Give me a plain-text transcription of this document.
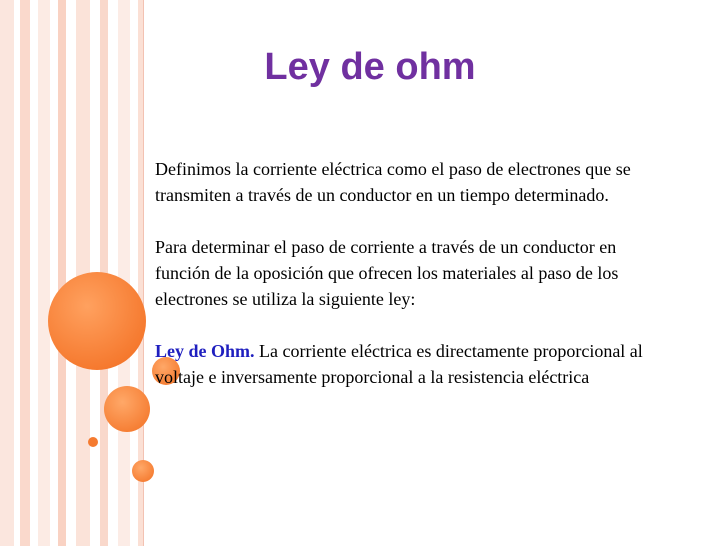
Ley de ohm

Definimos la corriente eléctrica como el paso de electrones que se transmiten a través de un conductor en un tiempo determinado.

Para determinar el paso de corriente a través de un conductor en función de la oposición que ofrecen los materiales al paso de los electrones se utiliza la siguiente ley:

Ley de Ohm. La corriente eléctrica es directamente proporcional al voltaje e inversamente proporcional a la resistencia eléctrica
